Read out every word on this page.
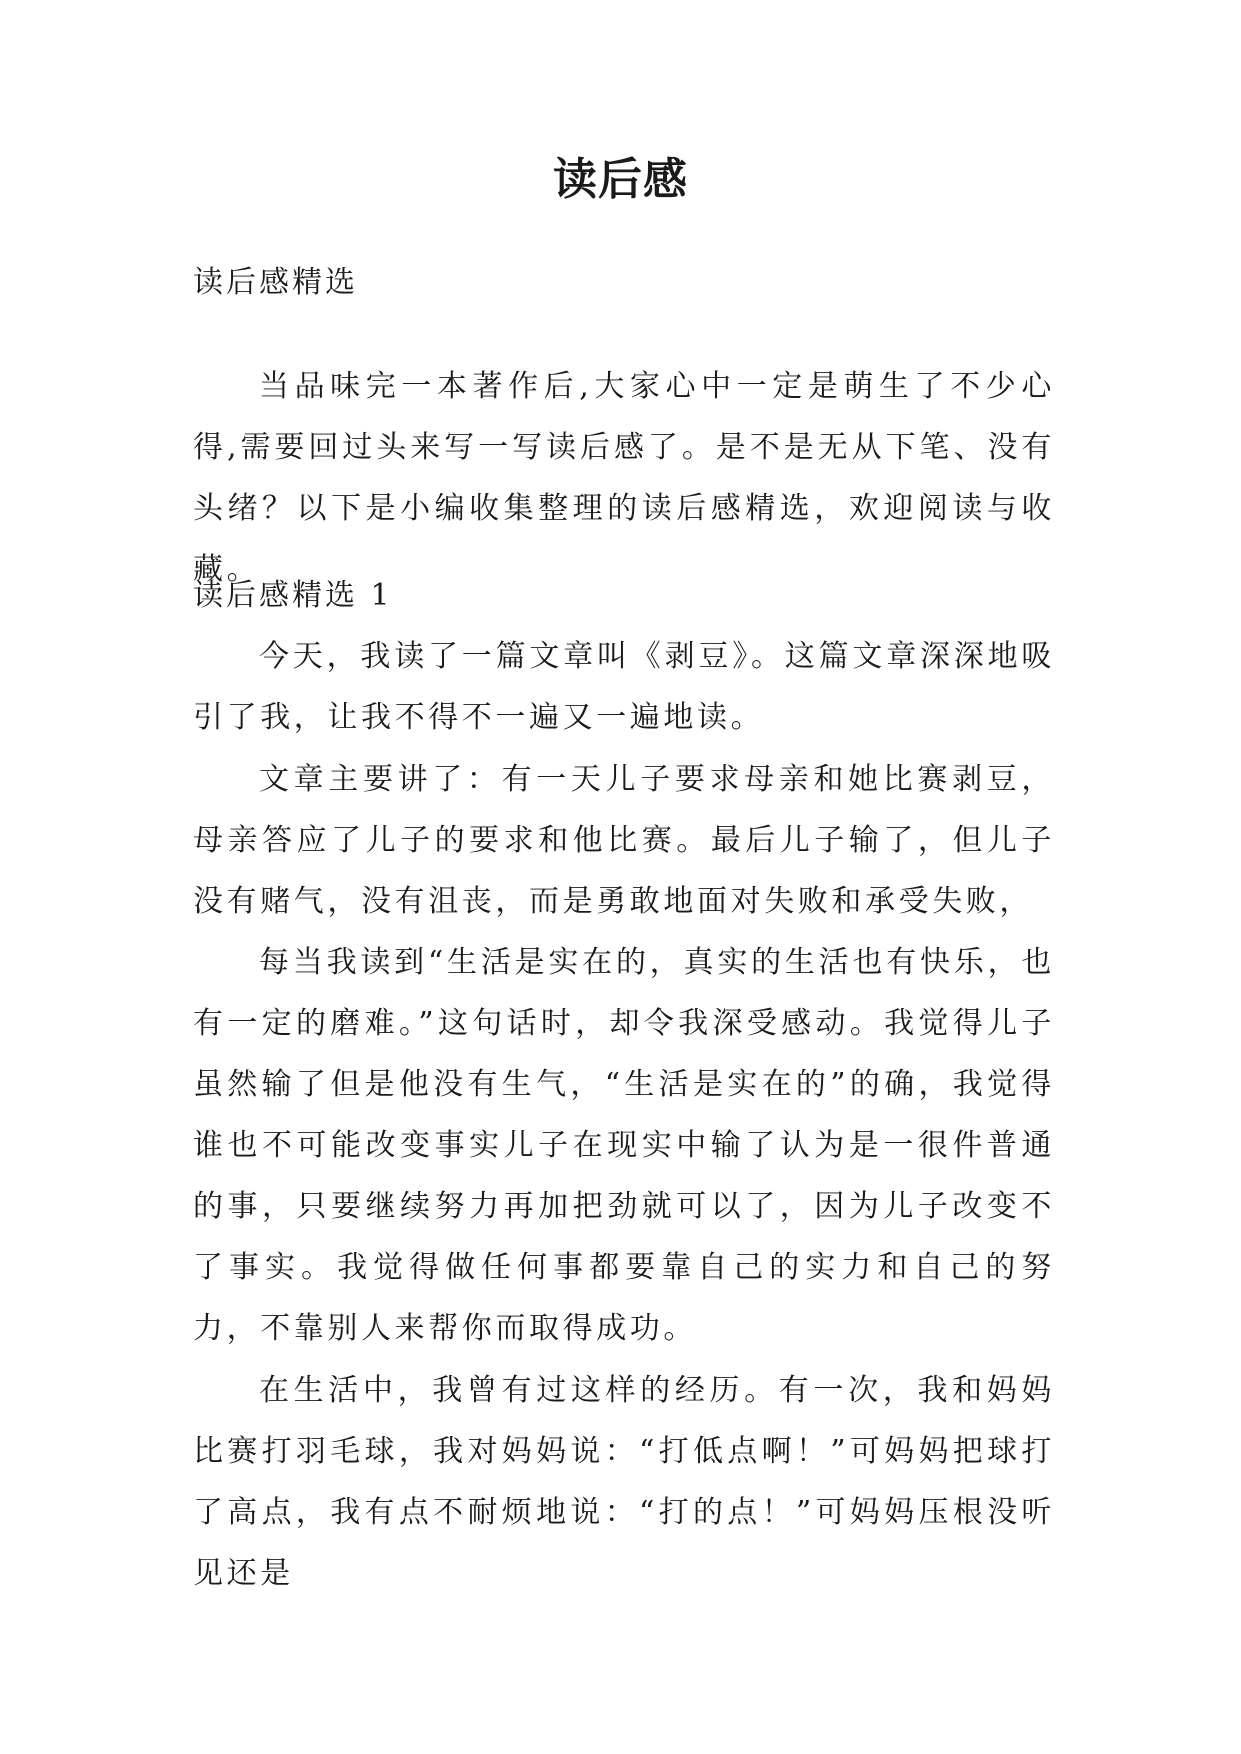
读后感

读后感精选

当品味完一本著作后,大家心中一定是萌生了不少心得,需要回过头来写一写读后感了。是不是无从下笔、没有头绪？以下是小编收集整理的读后感精选，欢迎阅读与收藏。

读后感精选 1

今天，我读了一篇文章叫《剥豆》。这篇文章深深地吸引了我，让我不得不一遍又一遍地读。

文章主要讲了：有一天儿子要求母亲和她比赛剥豆，母亲答应了儿子的要求和他比赛。最后儿子输了，但儿子没有赌气，没有沮丧，而是勇敢地面对失败和承受失败，

每当我读到“生活是实在的，真实的生活也有快乐，也有一定的磨难。”这句话时，却令我深受感动。我觉得儿子虽然输了但是他没有生气，“生活是实在的”的确，我觉得谁也不可能改变事实儿子在现实中输了认为是一很件普通的事，只要继续努力再加把劲就可以了，因为儿子改变不了事实。我觉得做任何事都要靠自己的实力和自己的努力，不靠别人来帮你而取得成功。

在生活中，我曾有过这样的经历。有一次，我和妈妈比赛打羽毛球，我对妈妈说：“打低点啊！”可妈妈把球打了高点，我有点不耐烦地说：“打的点！”可妈妈压根没听见还是
